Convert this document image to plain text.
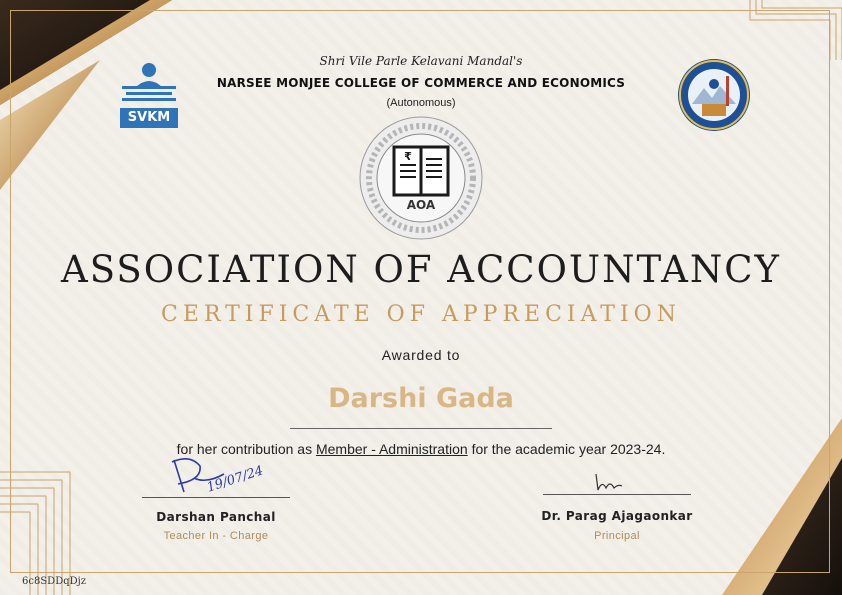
SVKM
Shri Vile Parle Kelavani Mandal's
NARSEE MONJEE COLLEGE OF COMMERCE AND ECONOMICS
(Autonomous)
₹
AOA
ASSOCIATION OF ACCOUNTANCY
CERTIFICATE OF APPRECIATION
Awarded to
Darshi Gada
for her contribution as Member - Administration for the academic year 2023-24.
19/07/24
Darshan Panchal
Teacher In - Charge
Dr. Parag Ajagaonkar
Principal
6c8SDDqDjz
